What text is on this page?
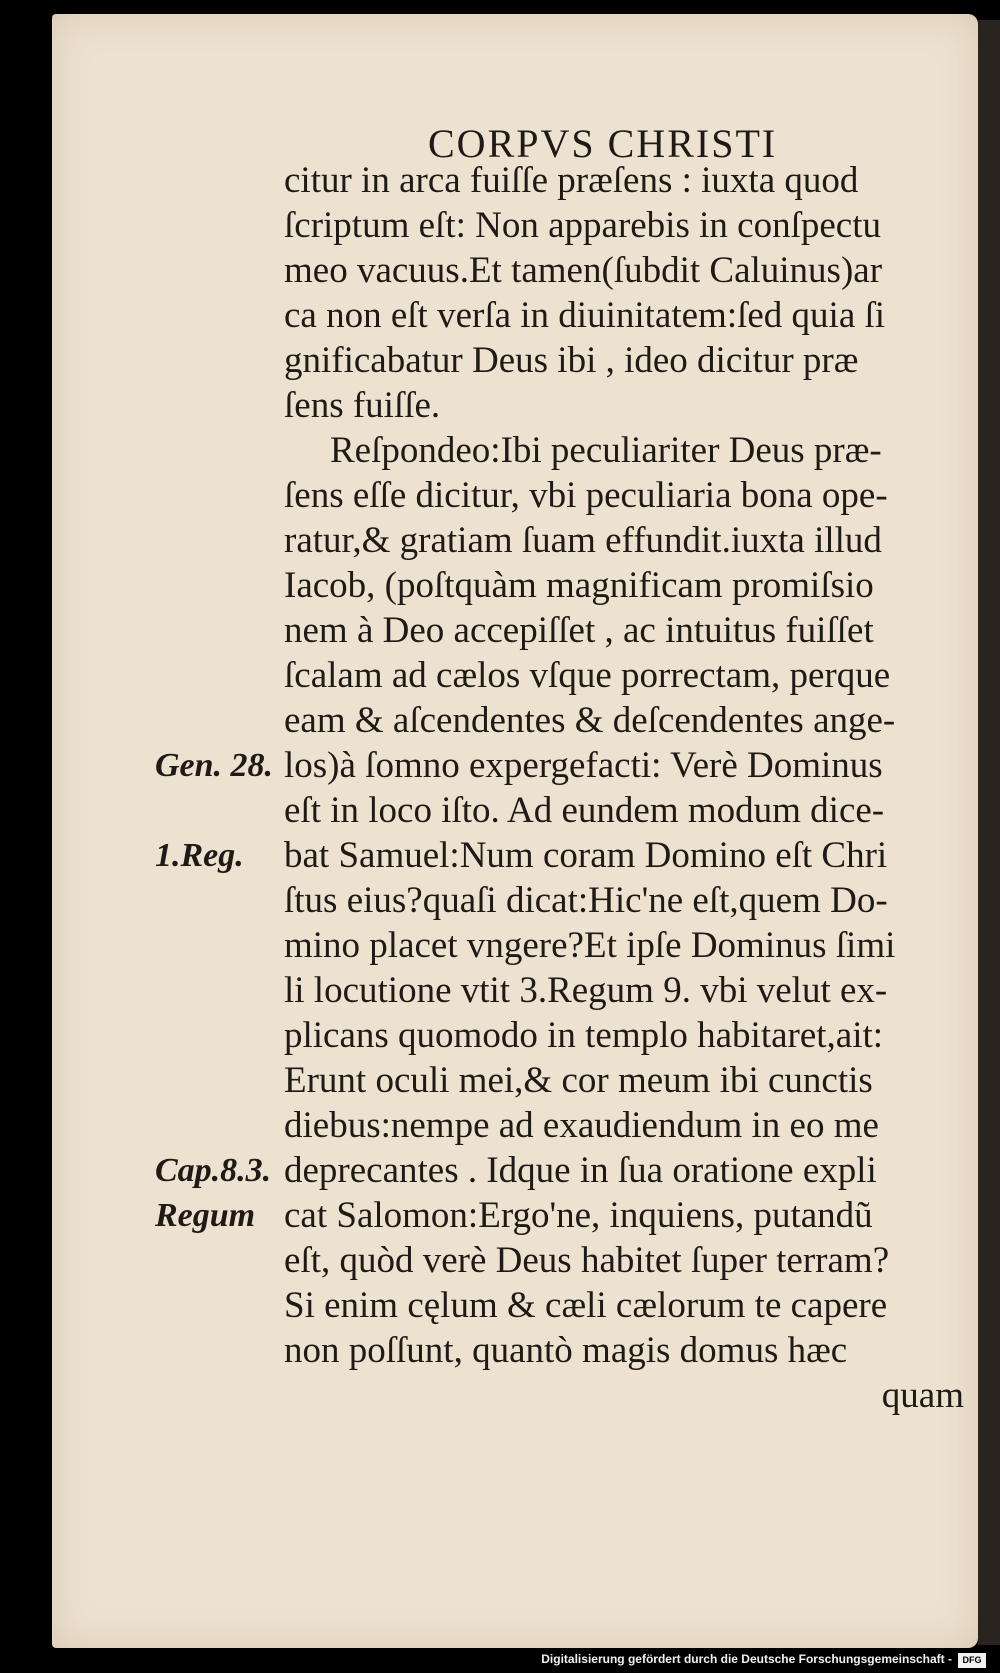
CORPVS CHRISTI
citur in arca fuiſſe præſens : iuxta quod
ſcriptum eſt: Non apparebis in conſpectu
meo vacuus.Et tamen(ſubdit Caluinus)ar
ca non eſt verſa in diuinitatem:ſed quia ſi
gnificabatur Deus ibi , ideo dicitur præ
ſens fuiſſe.
Reſpondeo:Ibi peculiariter Deus præ-
ſens eſſe dicitur, vbi peculiaria bona ope-
ratur,& gratiam ſuam effundit.iuxta illud
Iacob, (poſtquàm magnificam promiſsio
nem à Deo accepiſſet , ac intuitus fuiſſet
ſcalam ad cælos vſque porrectam, perque
eam & aſcendentes & deſcendentes ange-
los)à ſomno expergefacti: Verè Dominus
eſt in loco iſto. Ad eundem modum dice-
bat Samuel:Num coram Domino eſt Chri
ſtus eius?quaſi dicat:Hic'ne eſt,quem Do-
mino placet vngere?Et ipſe Dominus ſimi
li locutione vtit 3.Regum 9. vbi velut ex-
plicans quomodo in templo habitaret,ait:
Erunt oculi mei,& cor meum ibi cunctis
diebus:nempe ad exaudiendum in eo me
deprecantes . Idque in ſua oratione expli
cat Salomon:Ergo'ne, inquiens, putandũ
eſt, quòd verè Deus habitet ſuper terram?
Si enim cęlum & cæli cælorum te capere
non poſſunt, quantò magis domus hæc
quam
Gen. 28.
1.Reg.
Cap.8.3.
Regum
Digitalisierung gefördert durch die Deutsche Forschungsgemeinschaft -	DFG
